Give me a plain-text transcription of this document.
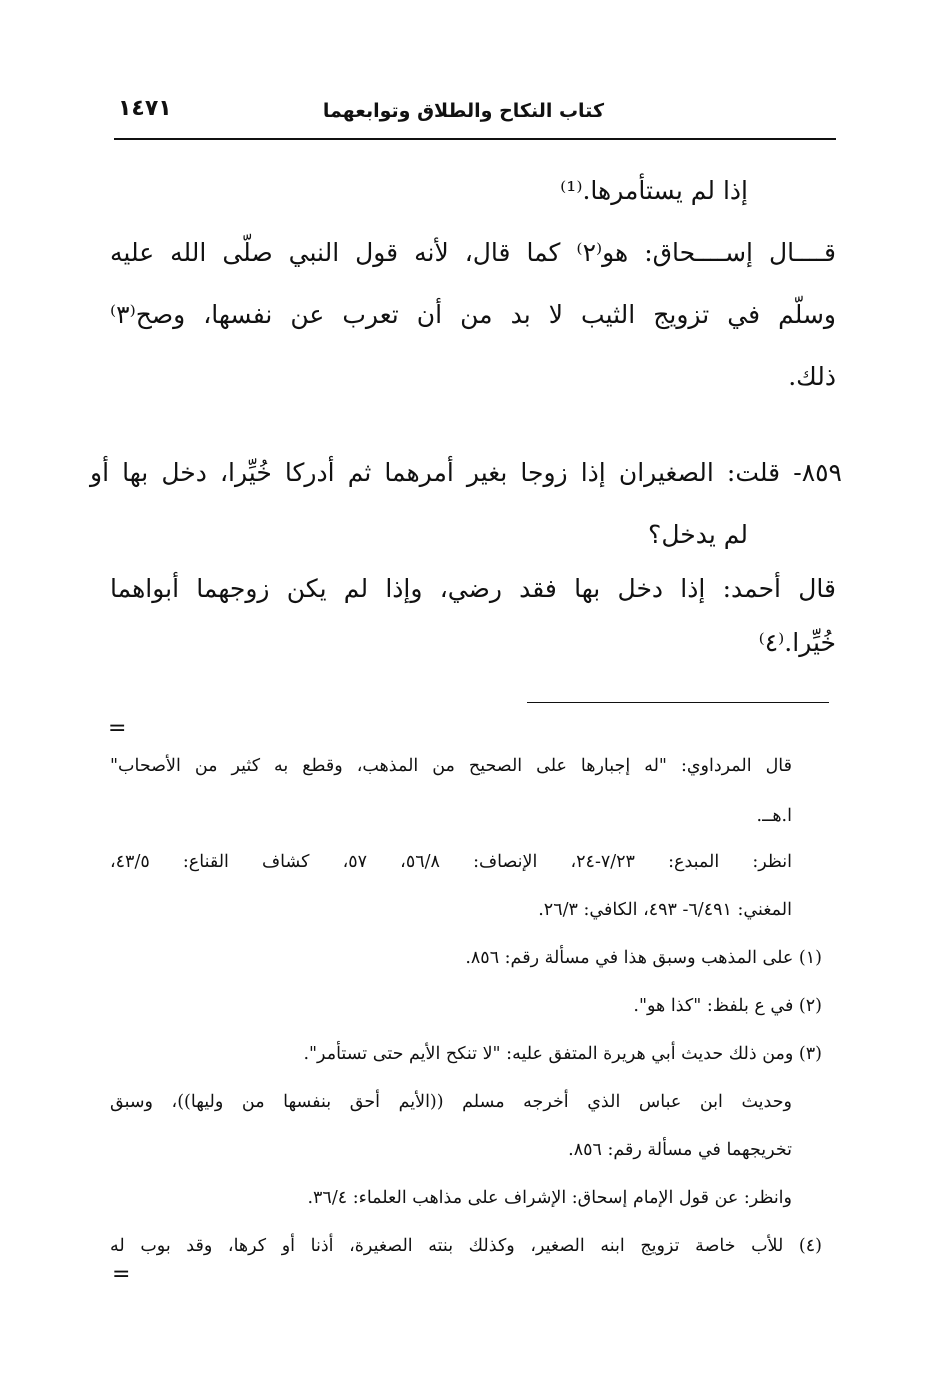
كتاب النكاح والطلاق وتوابعهما
١٤٧١
إذا لم يستأمرها.⁽¹⁾
قــــال إســــحاق: هو⁽٢⁾ كما قال، لأنه قول النبي صلّى الله عليه
وسلّم في تزويج الثيب لا بد من أن تعرب عن نفسها، وصح⁽٣⁾
ذلك.
٨٥٩- قلت: الصغيران إذا زوجا بغير أمرهما ثم أدركا خُيِّرا، دخل بها أو
لم يدخل؟
قال أحمد: إذا دخل بها فقد رضي، وإذا لم يكن زوجهما أبواهما
خُيِّرا.⁽٤⁾
=
قال المرداوي: "له إجبارها على الصحيح من المذهب، وقطع به كثير من الأصحاب"
ا.هــ.
انظر: المبدع: ٧/٢٣-٢٤، الإنصاف: ٥٦/٨، ٥٧، كشاف القناع: ٤٣/٥،
المغني: ٦/٤٩١- ٤٩٣، الكافي: ٢٦/٣.
(١) على المذهب وسبق هذا في مسألة رقم: ٨٥٦.
(٢) في ع بلفظ: "كذا هو".
(٣) ومن ذلك حديث أبي هريرة المتفق عليه: "لا تنكح الأيم حتى تستأمر".
وحديث ابن عباس الذي أخرجه مسلم ((الأيم أحق بنفسها من وليها))، وسبق
تخريجهما في مسألة رقم: ٨٥٦.
وانظر: عن قول الإمام إسحاق: الإشراف على مذاهب العلماء: ٣٦/٤.
(٤) للأب خاصة تزويج ابنه الصغير، وكذلك بنته الصغيرة، أذنا أو كرها، وقد بوب له
=
